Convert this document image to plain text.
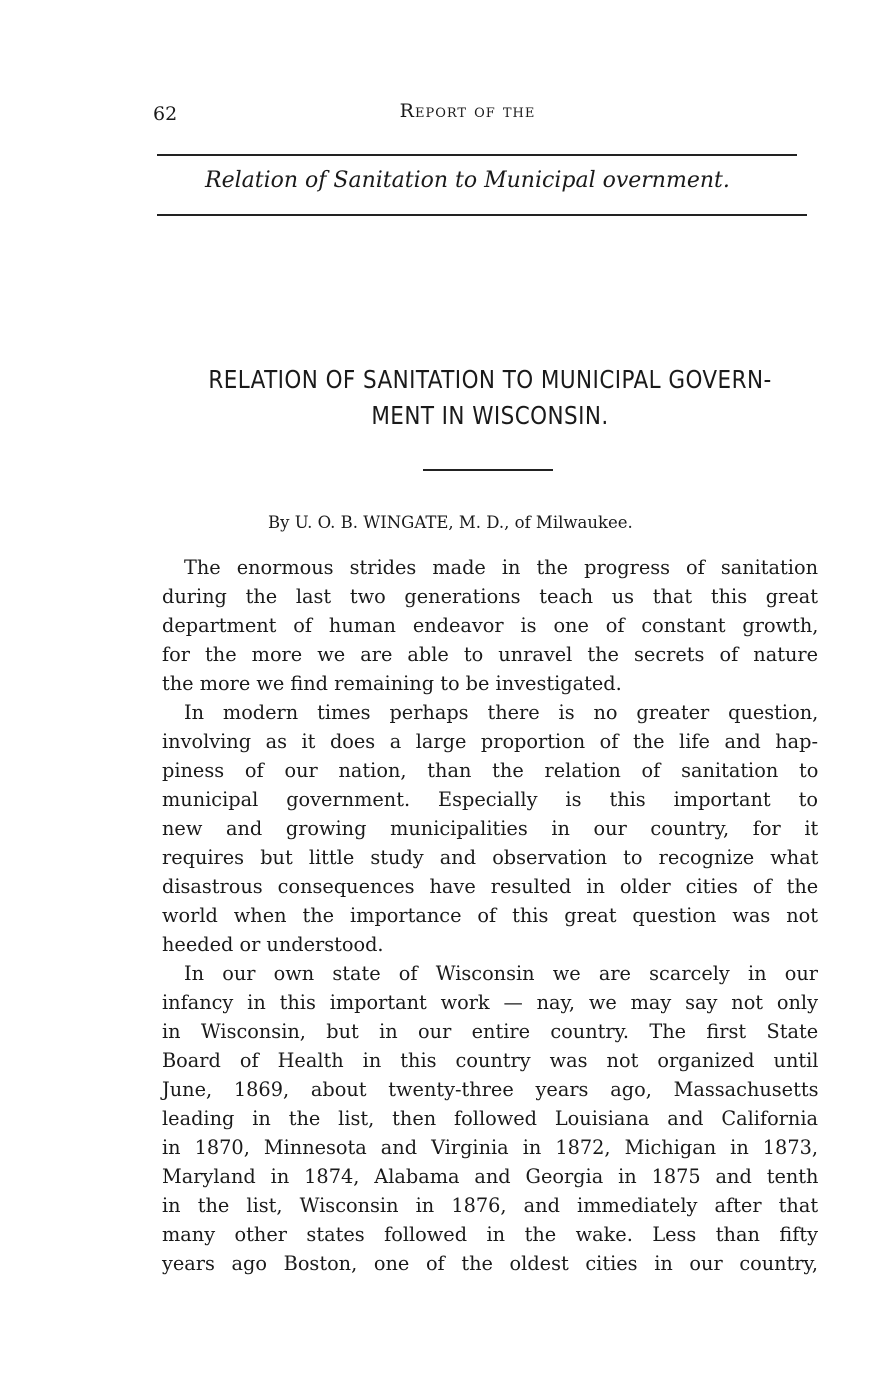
62	Report of the
Relation of Sanitation to Municipal overnment.
RELATION OF SANITATION TO MUNICIPAL GOVERN-
MENT IN WISCONSIN.
By U. O. B. WINGATE, M. D., of Milwaukee.

The enormous strides made in the progress of sanitation
during the last two generations teach us that this great
department of human endeavor is one of constant growth,
for the more we are able to unravel the secrets of nature
the more we find remaining to be investigated.

In modern times perhaps there is no greater question,
involving as it does a large proportion of the life and hap-
piness of our nation, than the relation of sanitation to
municipal government. Especially is this important to
new and growing municipalities in our country, for it
requires but little study and observation to recognize what
disastrous consequences have resulted in older cities of the
world when the importance of this great question was not
heeded or understood.

In our own state of Wisconsin we are scarcely in our
infancy in this important work — nay, we may say not only
in Wisconsin, but in our entire country. The first State
Board of Health in this country was not organized until
June, 1869, about twenty-three years ago, Massachusetts
leading in the list, then followed Louisiana and California
in 1870, Minnesota and Virginia in 1872, Michigan in 1873,
Maryland in 1874, Alabama and Georgia in 1875 and tenth
in the list, Wisconsin in 1876, and immediately after that
many other states followed in the wake. Less than fifty
years ago Boston, one of the oldest cities in our country,
